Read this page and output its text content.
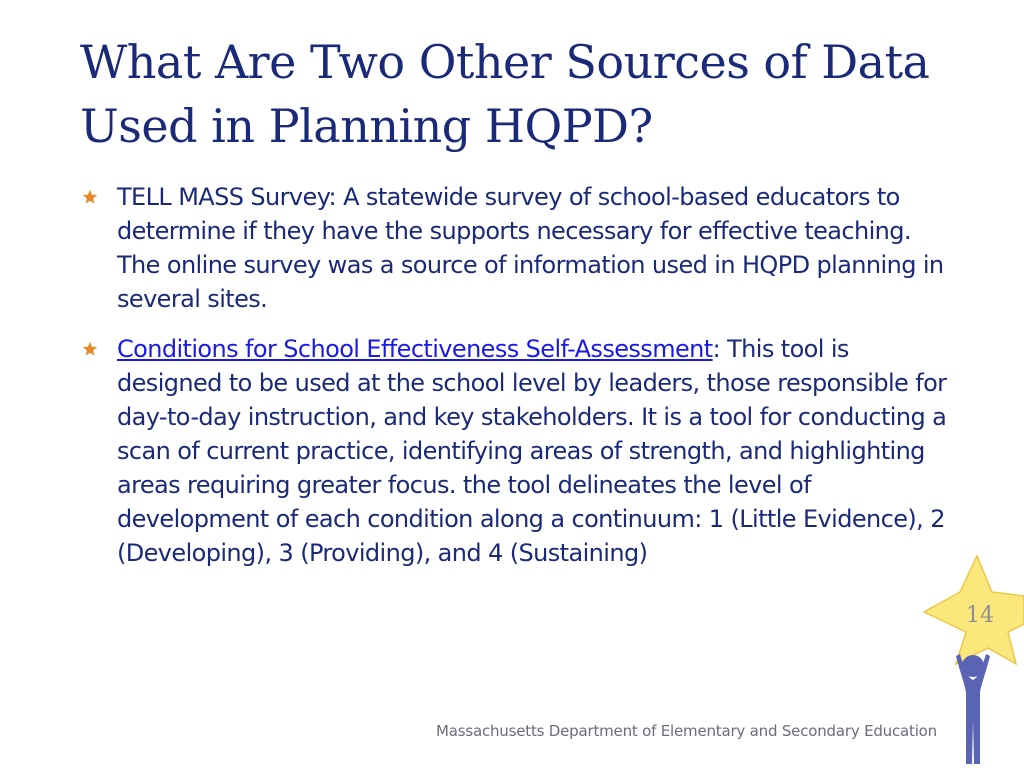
What Are Two Other Sources of Data Used in Planning HQPD?
TELL MASS Survey: A statewide survey of school-based educators to determine if they have the supports necessary for effective teaching. The online survey was a source of information used in HQPD planning in several sites.
Conditions for School Effectiveness Self-Assessment: This tool is designed to be used at the school level by leaders, those responsible for day-to-day instruction, and key stakeholders. It is a tool for conducting a scan of current practice, identifying areas of strength, and highlighting areas requiring greater focus. the tool delineates the level of development of each condition along a continuum: 1 (Little Evidence), 2 (Developing), 3 (Providing), and 4 (Sustaining)
14
Massachusetts Department of Elementary and Secondary Education
